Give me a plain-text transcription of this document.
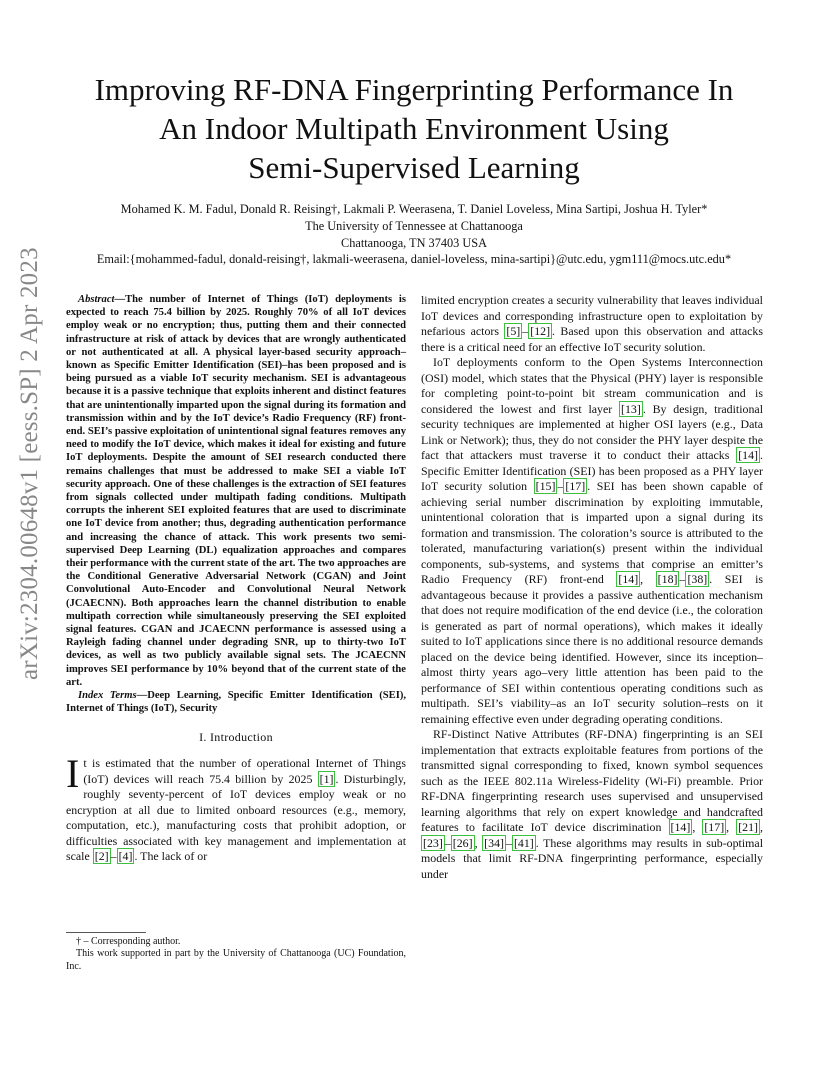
arXiv:2304.00648v1 [eess.SP] 2 Apr 2023
Improving RF-DNA Fingerprinting Performance In
An Indoor Multipath Environment Using
Semi-Supervised Learning
Mohamed K. M. Fadul, Donald R. Reising†, Lakmali P. Weerasena, T. Daniel Loveless, Mina Sartipi, Joshua H. Tyler*
The University of Tennessee at Chattanooga
Chattanooga, TN 37403 USA
Email:{mohammed-fadul, donald-reising†, lakmali-weerasena, daniel-loveless, mina-sartipi}@utc.edu, ygm111@mocs.utc.edu*

Abstract—The number of Internet of Things (IoT) deployments is expected to reach 75.4 billion by 2025. Roughly 70% of all IoT devices employ weak or no encryption; thus, putting them and their connected infrastructure at risk of attack by devices that are wrongly authenticated or not authenticated at all. A physical layer-based security approach–known as Specific Emitter Identification (SEI)–has been proposed and is being pursued as a viable IoT security mechanism. SEI is advantageous because it is a passive technique that exploits inherent and distinct features that are unintentionally imparted upon the signal during its formation and transmission within and by the IoT device’s Radio Frequency (RF) front-end. SEI’s passive exploitation of unintentional signal features removes any need to modify the IoT device, which makes it ideal for existing and future IoT deployments. Despite the amount of SEI research conducted there remains challenges that must be addressed to make SEI a viable IoT security approach. One of these challenges is the extraction of SEI features from signals collected under multipath fading conditions. Multipath corrupts the inherent SEI exploited features that are used to discriminate one IoT device from another; thus, degrading authentication performance and increasing the chance of attack. This work presents two semi-supervised Deep Learning (DL) equalization approaches and compares their performance with the current state of the art. The two approaches are the Conditional Generative Adversarial Network (CGAN) and Joint Convolutional Auto-Encoder and Convolutional Neural Network (JCAECNN). Both approaches learn the channel distribution to enable multipath correction while simultaneously preserving the SEI exploited signal features. CGAN and JCAECNN performance is assessed using a Rayleigh fading channel under degrading SNR, up to thirty-two IoT devices, as well as two publicly available signal sets. The JCAECNN improves SEI performance by 10% beyond that of the current state of the art.

Index Terms—Deep Learning, Specific Emitter Identification (SEI), Internet of Things (IoT), Security

I. Introduction

It is estimated that the number of operational Internet of Things (IoT) devices will reach 75.4 billion by 2025 [1] . Disturbingly, roughly seventy-percent of IoT devices employ weak or no encryption at all due to limited onboard resources (e.g., memory, computation, etc.), manufacturing costs that prohibit adoption, or difficulties associated with key management and implementation at scale [2] – [4] . The lack of or

† – Corresponding author.
This work supported in part by the University of Chattanooga (UC) Foundation, Inc.

limited encryption creates a security vulnerability that leaves individual IoT devices and corresponding infrastructure open to exploitation by nefarious actors [5] – [12] . Based upon this observation and attacks there is a critical need for an effective IoT security solution.

IoT deployments conform to the Open Systems Interconnection (OSI) model, which states that the Physical (PHY) layer is responsible for completing point-to-point bit stream communication and is considered the lowest and first layer [13] . By design, traditional security techniques are implemented at higher OSI layers (e.g., Data Link or Network); thus, they do not consider the PHY layer despite the fact that attackers must traverse it to conduct their attacks [14] . Specific Emitter Identification (SEI) has been proposed as a PHY layer IoT security solution [15] – [17] . SEI has been shown capable of achieving serial number discrimination by exploiting immutable, unintentional coloration that is imparted upon a signal during its formation and transmission. The coloration’s source is attributed to the tolerated, manufacturing variation(s) present within the individual components, sub-systems, and systems that comprise an emitter’s Radio Frequency (RF) front-end [14] , [18] – [38] . SEI is advantageous because it provides a passive authentication mechanism that does not require modification of the end device (i.e., the coloration is generated as part of normal operations), which makes it ideally suited to IoT applications since there is no additional resource demands placed on the device being identified. However, since its inception–almost thirty years ago–very little attention has been paid to the performance of SEI within contentious operating conditions such as multipath. SEI’s viability–as an IoT security solution–rests on it remaining effective even under degrading operating conditions.

RF-Distinct Native Attributes (RF-DNA) fingerprinting is an SEI implementation that extracts exploitable features from portions of the transmitted signal corresponding to fixed, known symbol sequences such as the IEEE 802.11a Wireless-Fidelity (Wi-Fi) preamble. Prior RF-DNA fingerprinting research uses supervised and unsupervised learning algorithms that rely on expert knowledge and handcrafted features to facilitate IoT device discrimination [14] , [17] , [21] , [23] – [26] , [34] – [41] . These algorithms may results in sub-optimal models that limit RF-DNA fingerprinting performance, especially under
